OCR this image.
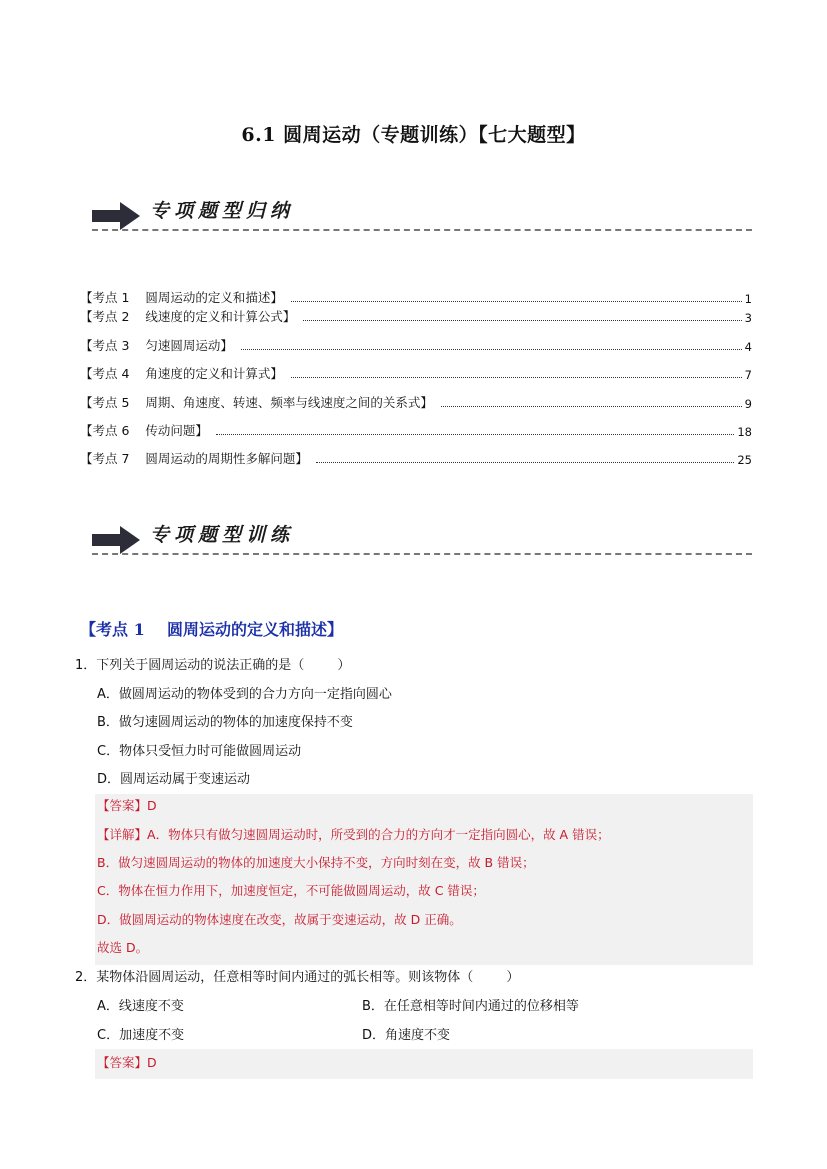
6.1 圆周运动（专题训练）【七大题型】
专项题型归纳
【考点 1    圆周运动的定义和描述】	1
【考点 2    线速度的定义和计算公式】	3
【考点 3    匀速圆周运动】	4
【考点 4    角速度的定义和计算式】	7
【考点 5    周期、角速度、转速、频率与线速度之间的关系式】	9
【考点 6    传动问题】	18
【考点 7    圆周运动的周期性多解问题】	25
专项题型训练
【考点 1    圆周运动的定义和描述】
1．下列关于圆周运动的说法正确的是（        ）
A．做圆周运动的物体受到的合力方向一定指向圆心
B．做匀速圆周运动的物体的加速度保持不变
C．物体只受恒力时可能做圆周运动
D．圆周运动属于变速运动
【答案】D
【详解】A．物体只有做匀速圆周运动时，所受到的合力的方向才一定指向圆心，故 A 错误；
B．做匀速圆周运动的物体的加速度大小保持不变，方向时刻在变，故 B 错误；
C．物体在恒力作用下，加速度恒定，不可能做圆周运动，故 C 错误；
D．做圆周运动的物体速度在改变，故属于变速运动，故 D 正确。
故选 D。
2．某物体沿圆周运动，任意相等时间内通过的弧长相等。则该物体（        ）
A．线速度不变	B．在任意相等时间内通过的位移相等
C．加速度不变	D．角速度不变
【答案】D
